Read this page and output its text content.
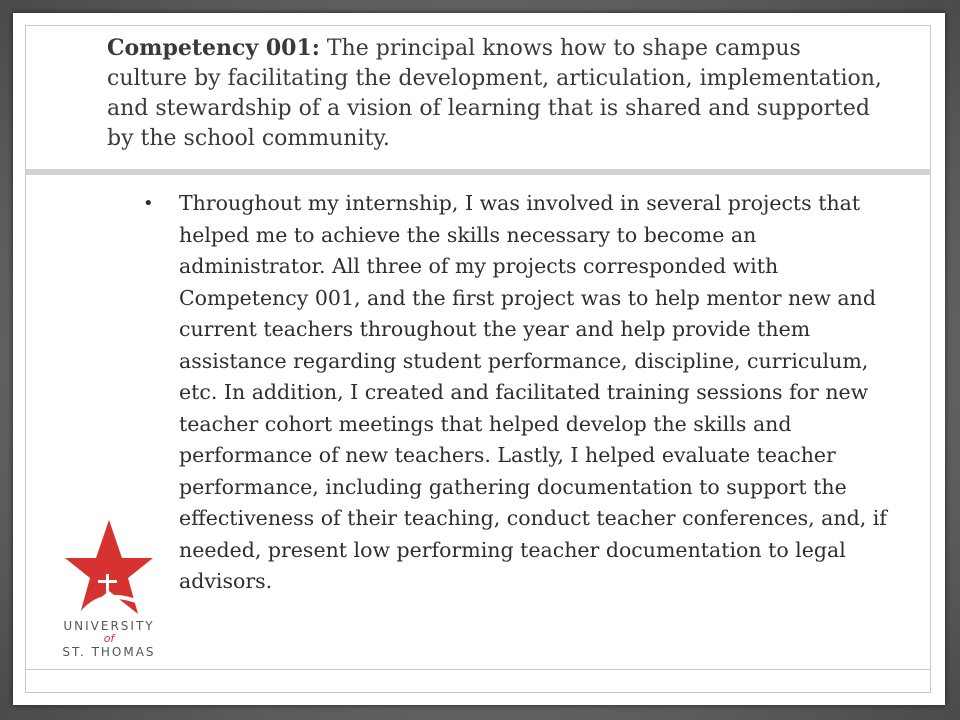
Competency 001: The principal knows how to shape campus culture by facilitating the development, articulation, implementation, and stewardship of a vision of learning that is shared and supported by the school community.

•	Throughout my internship, I was involved in several projects that helped me to achieve the skills necessary to become an administrator. All three of my projects corresponded with Competency 001, and the first project was to help mentor new and current teachers throughout the year and help provide them assistance regarding student performance, discipline, curriculum, etc. In addition, I created and facilitated training sessions for new teacher cohort meetings that helped develop the skills and performance of new teachers. Lastly, I helped evaluate teacher performance, including gathering documentation to support the effectiveness of their teaching, conduct teacher conferences, and, if needed, present low performing teacher documentation to legal advisors.
UNIVERSITY
of
ST. THOMAS
